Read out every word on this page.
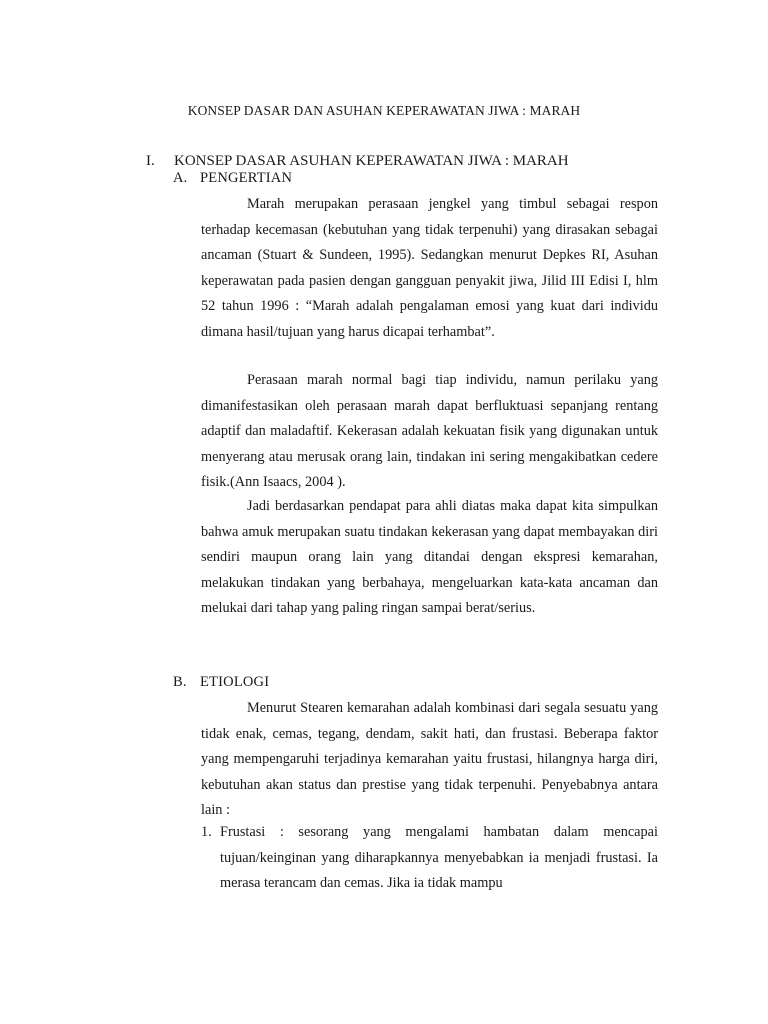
KONSEP DASAR DAN ASUHAN KEPERAWATAN JIWA : MARAH
I. KONSEP DASAR ASUHAN KEPERAWATAN JIWA : MARAH
A. PENGERTIAN

Marah merupakan perasaan jengkel yang timbul sebagai respon terhadap kecemasan (kebutuhan yang tidak terpenuhi) yang dirasakan sebagai ancaman (Stuart & Sundeen, 1995). Sedangkan menurut Depkes RI, Asuhan keperawatan pada pasien dengan gangguan penyakit jiwa, Jilid III Edisi I, hlm 52 tahun 1996 : “Marah adalah pengalaman emosi yang kuat dari individu dimana hasil/tujuan yang harus dicapai terhambat”.

Perasaan marah normal bagi tiap individu, namun perilaku yang dimanifestasikan oleh perasaan marah dapat berfluktuasi sepanjang rentang adaptif dan maladaftif. Kekerasan adalah kekuatan fisik yang digunakan untuk menyerang atau merusak orang lain, tindakan ini sering mengakibatkan cedere fisik.(Ann Isaacs, 2004 ).

Jadi berdasarkan pendapat para ahli diatas maka dapat kita simpulkan bahwa amuk merupakan suatu tindakan kekerasan yang dapat membayakan diri sendiri maupun orang lain yang ditandai dengan ekspresi kemarahan, melakukan tindakan yang berbahaya, mengeluarkan kata-kata ancaman dan melukai dari tahap yang paling ringan sampai berat/serius.

B. ETIOLOGI

Menurut Stearen kemarahan adalah kombinasi dari segala sesuatu yang tidak enak, cemas, tegang, dendam, sakit hati, dan frustasi. Beberapa faktor yang mempengaruhi terjadinya kemarahan yaitu frustasi, hilangnya harga diri, kebutuhan akan status dan prestise yang tidak terpenuhi. Penyebabnya antara lain :

1. Frustasi : sesorang yang mengalami hambatan dalam mencapai tujuan/keinginan yang diharapkannya menyebabkan ia menjadi frustasi. Ia merasa terancam dan cemas. Jika ia tidak mampu
